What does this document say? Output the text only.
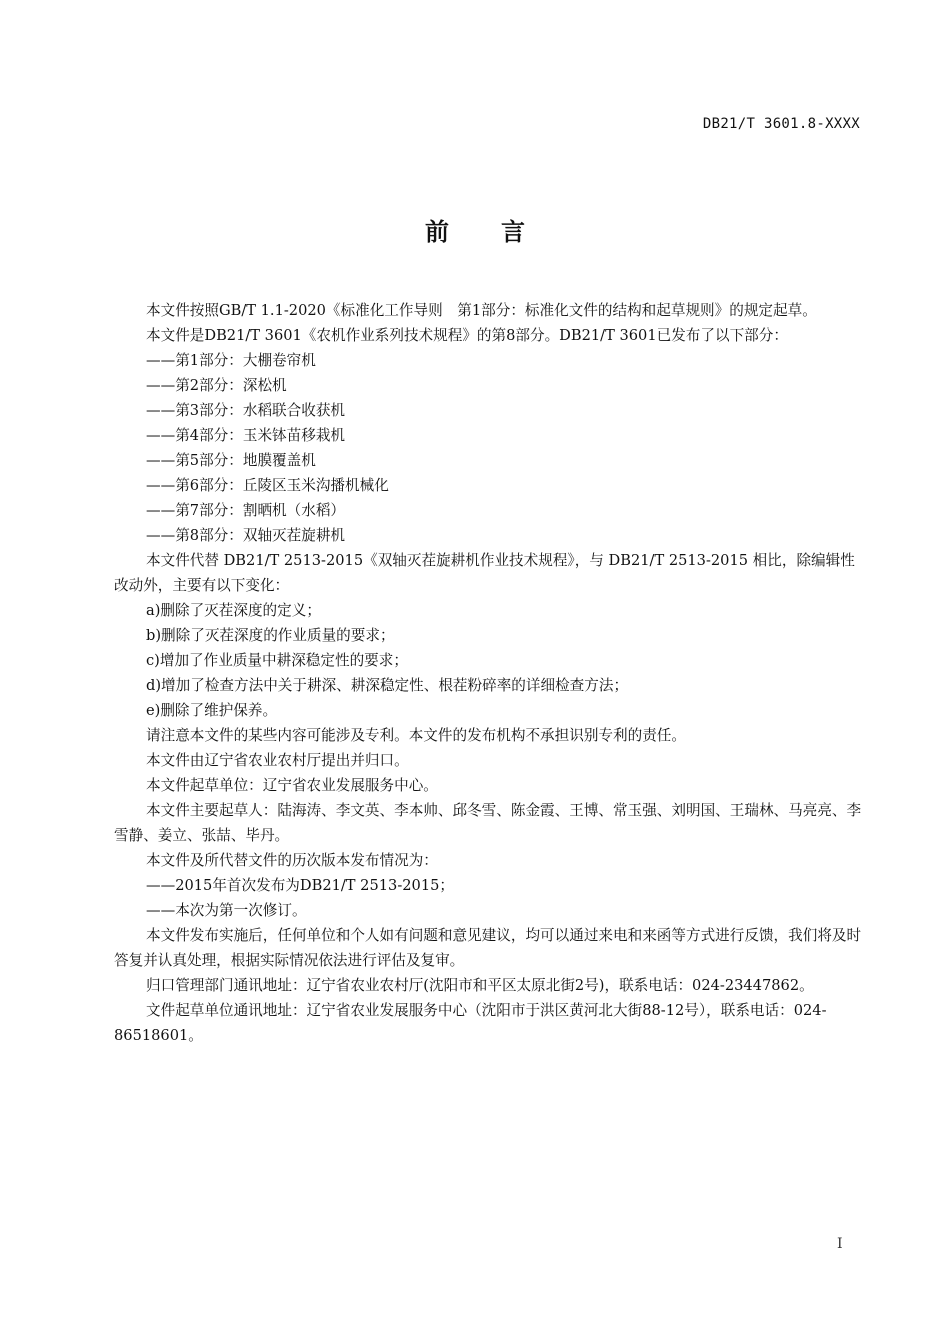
DB21/T 3601.8-XXXX
前言

本文件按照GB/T 1.1-2020《标准化工作导则　第1部分：标准化文件的结构和起草规则》的规定起草。

本文件是DB21/T 3601《农机作业系列技术规程》的第8部分。DB21/T 3601已发布了以下部分：

——第1部分：大棚卷帘机

——第2部分：深松机

——第3部分：水稻联合收获机

——第4部分：玉米钵苗移栽机

——第5部分：地膜覆盖机

——第6部分：丘陵区玉米沟播机械化

——第7部分：割晒机（水稻）

——第8部分：双轴灭茬旋耕机

本文件代替 DB21/T 2513-2015《双轴灭茬旋耕机作业技术规程》，与 DB21/T 2513-2015 相比，除编辑性改动外，主要有以下变化：

a)删除了灭茬深度的定义；

b)删除了灭茬深度的作业质量的要求；

c)增加了作业质量中耕深稳定性的要求；

d)增加了检查方法中关于耕深、耕深稳定性、根茬粉碎率的详细检查方法；

e)删除了维护保养。

请注意本文件的某些内容可能涉及专利。本文件的发布机构不承担识别专利的责任。

本文件由辽宁省农业农村厅提出并归口。

本文件起草单位：辽宁省农业发展服务中心。

本文件主要起草人：陆海涛、李文英、李本帅、邱冬雪、陈金霞、王博、常玉强、刘明国、王瑞林、马亮亮、李雪静、姜立、张喆、毕丹。

本文件及所代替文件的历次版本发布情况为：

——2015年首次发布为DB21/T 2513-2015；

——本次为第一次修订。

本文件发布实施后，任何单位和个人如有问题和意见建议，均可以通过来电和来函等方式进行反馈，我们将及时答复并认真处理，根据实际情况依法进行评估及复审。

归口管理部门通讯地址：辽宁省农业农村厅(沈阳市和平区太原北街2号)，联系电话：024-23447862。

文件起草单位通讯地址：辽宁省农业发展服务中心（沈阳市于洪区黄河北大街88-12号），联系电话：024-86518601。

I
